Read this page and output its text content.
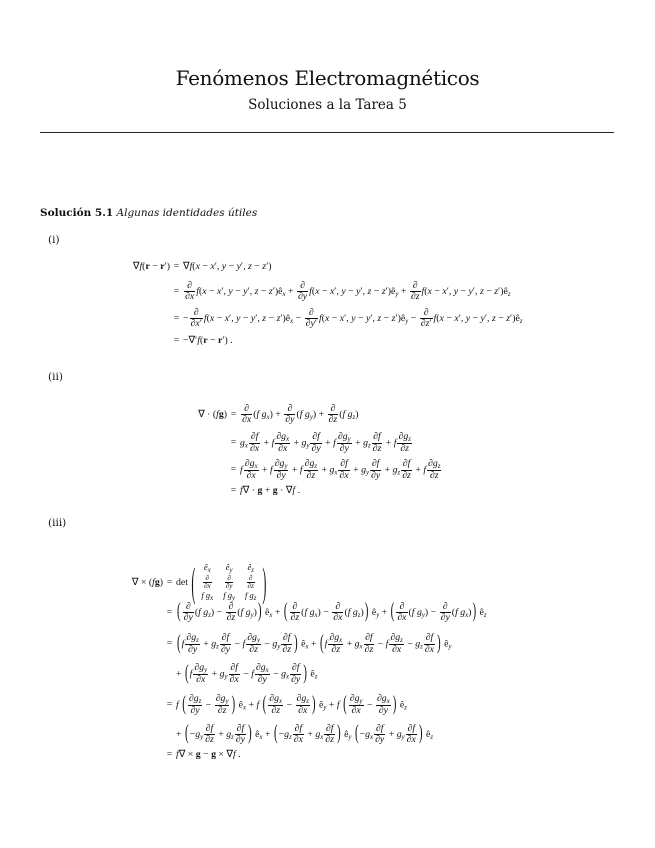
Fenómenos Electromagnéticos
Soluciones a la Tarea 5
Solución 5.1 Algunas identidades útiles
(i)
∇f(r − r′) = ∇f(x − x′, y − y′, z − z′)
= $\frac{\partial}{\partial x} f(x - x'$, y − y′, $z - z')ê_x + \frac{\partial}{\partial y} f(x - x'$, y − y′, $z - z')ê_y + \frac{\partial}{\partial z} f(x - x'$, y − y′, $z - z')ê_z$
= − $\frac{\partial}{\partial x'} f(x - x'$, y − y′, $z - z')ê_x - \frac{\partial}{\partial y'} f(x - x'$, y − y′, $z - z')ê_y - \frac{\partial}{\partial z'} f(x - x'$, y − y′, $z - z')ê_z$
= −∇′f(r − r′) .
(ii)
∇ · $(fg) = \frac{\partial}{\partial x} (f$ $g_x) + \frac{\partial}{\partial y} (f$ $g_y) + \frac{\partial}{\partial z} (f$ $g_z$)
= $g_x \frac{\partial f}{\partial x} + f \frac{\partial g_x}{\partial x} + g_y \frac{\partial f}{\partial y} + f \frac{\partial g_y}{\partial y} + g_z \frac{\partial f}{\partial z} + f \frac{\partial g_z}{\partial z}$
= f $\frac{\partial g_x}{\partial x} + f \frac{\partial g_y}{\partial y} + f \frac{\partial g_z}{\partial z} + g_x \frac{\partial f}{\partial x} + g_y \frac{\partial f}{\partial y} + g_z \frac{\partial f}{\partial z} + f \frac{\partial g_z}{\partial z}$
= f∇ · g + g · ∇f .
(iii)
∇ × (fg) = det ( $ê_x$	$ê_y$	$ê_z$

$\frac{\partial}{\partial x}$	$\frac{\partial}{\partial y}$	$\frac{\partial}{\partial z}$

f $g_x$	f $g_y$	f $g_z$ )
= ( $\frac{\partial}{\partial y} (f$ $g_z) - \frac{\partial}{\partial z} (f$ $g_y$)) $ê_x$ + ( $\frac{\partial}{\partial z} (f$ $g_x) - \frac{\partial}{\partial x} (f$ $g_z$)) $ê_y$ + ( $\frac{\partial}{\partial x} (f$ $g_y) - \frac{\partial}{\partial y} (f$ $g_x$)) $ê_z$
= ($f \frac{\partial g_z}{\partial y} + g_z \frac{\partial f}{\partial y} - f \frac{\partial g_y}{\partial z} - g_y \frac{\partial f}{\partial z}$ ) $ê_x + (f \frac{\partial g_x}{\partial z} + g_x \frac{\partial f}{\partial z} - f \frac{\partial g_z}{\partial x} - g_z \frac{\partial f}{\partial x}$ ) $ê_y$
+ ($f \frac{\partial g_y}{\partial x} + g_y \frac{\partial f}{\partial x} - f \frac{\partial g_x}{\partial y} - g_x \frac{\partial f}{\partial y}$ ) $ê_z$
= f ( $\frac{\partial g_z}{\partial y} - \frac{\partial g_y}{\partial z}$ ) $ê_x + f$ ( $\frac{\partial g_x}{\partial z} - \frac{\partial g_z}{\partial x}$ ) $ê_y + f$ ( $\frac{\partial g_y}{\partial x} - \frac{\partial g_x}{\partial y}$ ) $ê_z$
+ ($-g_y \frac{\partial f}{\partial z} + g_z \frac{\partial f}{\partial y}$ ) $ê_x + (-g_z \frac{\partial f}{\partial x} + g_x \frac{\partial f}{\partial z}$ ) $ê_y$ ($-g_x \frac{\partial f}{\partial y} + g_y \frac{\partial f}{\partial x}$ ) $ê_z$
= f∇ × g − g × ∇f .
